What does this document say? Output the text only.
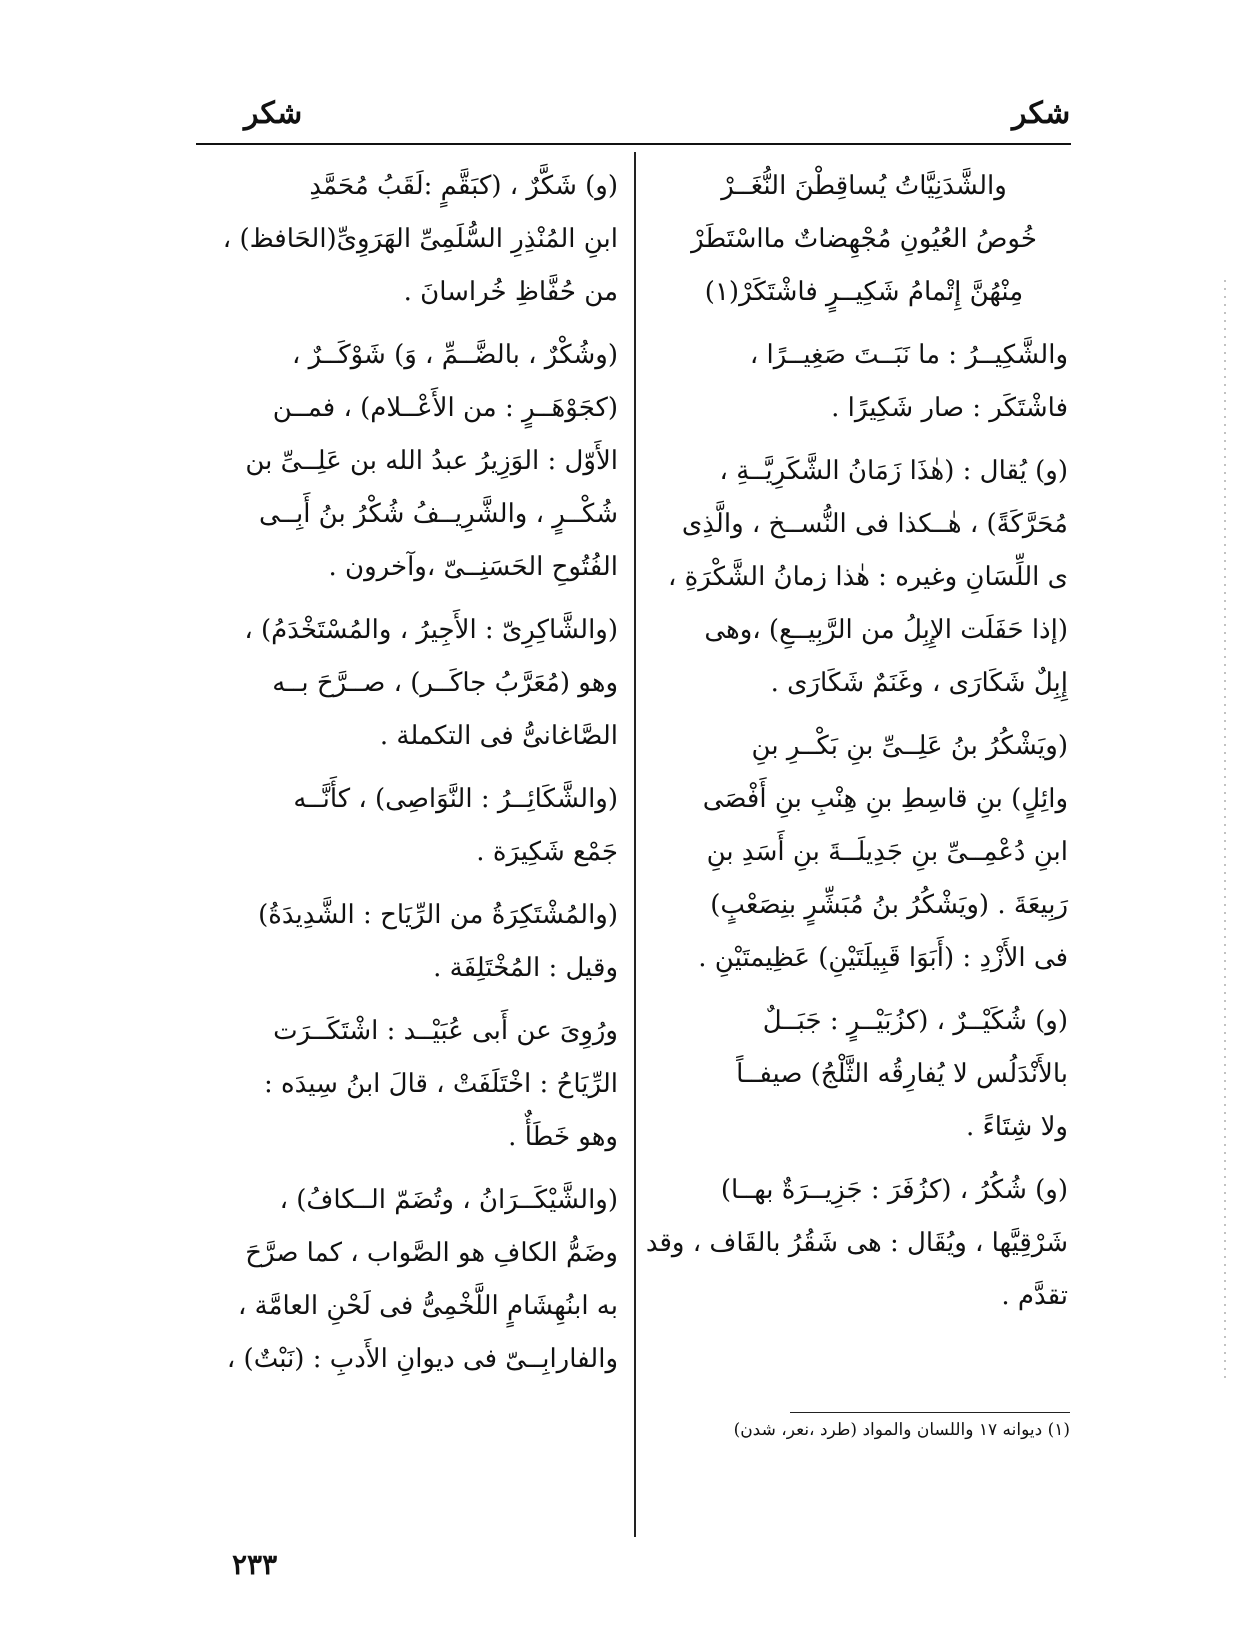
شكر
شكر
والشَّدَنِيَّاتُ يُساقِطْنَ النُّغَــرْ
خُوصُ العُيُونِ مُجْهِضاتٌ مااسْتَطَرْ
مِنْهُنَّ إِتْمامُ شَكِيــرٍ فاشْتَكَرْ(١)
والشَّكِيــرُ : ما نَبَــتَ صَغِيــرًا ،
فاشْتَكَر : صار شَكِيرًا .
(و) يُقال : (هٰذَا زَمَانُ الشَّكَرِيَّــةِ ،
مُحَرَّكَةً) ، هٰــكذا فى النُّســخ ، والَّذِى
ى اللِّسَانِ وغيره : هٰذا زمانُ الشَّكْرَةِ ،
(إذا حَفَلَت الإِبِلُ من الرَّبِيــعِ) ،وهى
إِبِلٌ شَكَارَى ، وغَنَمٌ شَكَارَى .
(ويَشْكُرُ بنُ عَلِــىِّ بنِ بَكْــرِ بنِ
وائِلٍ) بنِ قاسِطِ بنِ هِنْبِ بنِ أَفْصَى
ابنِ دُعْمِــىِّ بنِ جَدِيلَــةَ بنِ أَسَدِ بنِ
رَبِيعَةَ . (ويَشْكُرُ بنُ مُبَشِّرٍ بنِصَعْبٍ)
فى الأَزْدِ : (أَبَوَا قَبِيلَتَيْنِ) عَظِيمتَيْنِ .
(و) شُكَيْــرٌ ، (كزُبَيْــرٍ : جَبَــلٌ
بالأَنْدَلُس لا يُفارِقُه الثَّلْجُ) صيفــاً
ولا شِتَاءً .
(و) شُكُرُ ، (كزُفَرَ : جَزِيــرَةٌ بهــا)
شَرْقِيَّها ، ويُقَال : هى شَقُرُ بالقَاف ، وقد
تقدَّم .
(و) شَكَّرٌ ، (كبَقَّمٍ :لَقَبُ مُحَمَّدِ
ابنِ المُنْذِرِ السُّلَمِىِّ الهَرَوِىِّ(الحَافظ) ،
من حُفَّاظِ خُراسانَ .
(وشُكْرٌ ، بالضَّــمِّ ، وَ) شَوْكَــرٌ ،
(كجَوْهَــرٍ : من الأَعْــلام) ، فمــن
الأَوّل : الوَزِيرُ عبدُ الله بن عَلِــىِّ بن
شُكْــرٍ ، والشَّرِيــفُ شُكْرُ بنُ أَبِــى
الفُتُوحِ الحَسَنِــىّ ،وآخرون .
(والشَّاكِرِىّ : الأَجِيرُ ، والمُسْتَخْدَمُ) ،
وهو (مُعَرَّبُ جاكَــر) ، صــرَّحَ بــه
الصَّاغانىُّ فى التكملة .
(والشَّكَائِــرُ : النَّوَاصِى) ، كأَنَّــه
جَمْع شَكِيرَة .
(والمُشْتَكِرَةُ من الرِّيَاح : الشَّدِيدَةُ)
وقيل : المُخْتَلِفَة .
ورُوِىَ عن أَبى عُبَيْــد : اشْتَكَــرَت
الرِّيَاحُ : اخْتَلَفَتْ ، قالَ ابنُ سِيدَه :
وهو خَطَأٌ .
(والشَّيْكَــرَانُ ، وتُضَمّ الــكافُ) ،
وضَمُّ الكافِ هو الصَّواب ، كما صرَّحَ
به ابنُهِشَامٍ اللَّخْمِىُّ فى لَحْنِ العامَّة ،
والفارابِــىّ فى ديوانِ الأَدبِ : (نَبْتٌ) ،
(١) ديوانه ١٧ واللسان والمواد (طرد ،نعر، شدن)
٢٣٣
